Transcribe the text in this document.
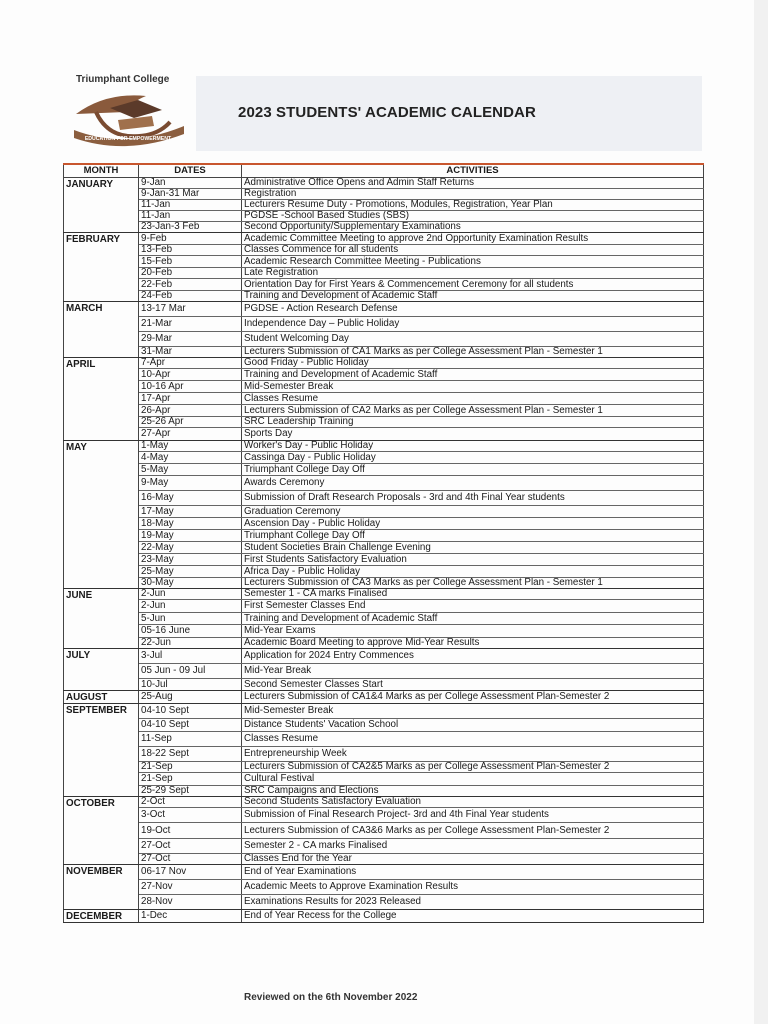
Triumphant College
EDUCATION FOR EMPOWERMENT
2023 STUDENTS' ACADEMIC CALENDAR
MONTH	DATES	ACTIVITIES
JANUARY	9-Jan	Administrative Office Opens and Admin Staff Returns
	9-Jan-31 Mar	Registration
	11-Jan	Lecturers Resume Duty - Promotions, Modules, Registration, Year Plan
	11-Jan	PGDSE -School Based Studies (SBS)
	23-Jan-3 Feb	Second Opportunity/Supplementary Examinations
FEBRUARY	9-Feb	Academic Committee Meeting to approve 2nd Opportunity Examination Results
	13-Feb	Classes Commence for all students
	15-Feb	Academic Research Committee Meeting - Publications
	20-Feb	Late Registration
	22-Feb	Orientation Day for First Years & Commencement Ceremony for all students
	24-Feb	Training and Development of Academic Staff
MARCH	13-17 Mar	PGDSE - Action Research Defense
	21-Mar	Independence Day – Public Holiday
	29-Mar	Student Welcoming Day
	31-Mar	Lecturers Submission of CA1 Marks as per College Assessment Plan - Semester 1
APRIL	7-Apr	Good Friday - Public Holiday
	10-Apr	Training and Development of Academic Staff
	10-16 Apr	Mid-Semester Break
	17-Apr	Classes Resume
	26-Apr	Lecturers Submission of CA2 Marks as per College Assessment Plan - Semester 1
	25-26 Apr	SRC Leadership Training
	27-Apr	Sports Day
MAY	1-May	Worker's Day - Public Holiday
	4-May	Cassinga Day - Public Holiday
	5-May	Triumphant College Day Off
	9-May	Awards Ceremony
	16-May	Submission of Draft Research Proposals - 3rd and 4th Final Year students
	17-May	Graduation Ceremony
	18-May	Ascension Day - Public Holiday
	19-May	Triumphant College Day Off
	22-May	Student Societies Brain Challenge Evening
	23-May	First Students Satisfactory Evaluation
	25-May	Africa Day - Public Holiday
	30-May	Lecturers Submission of CA3 Marks as per College Assessment Plan - Semester 1
JUNE	2-Jun	Semester 1 - CA marks Finalised
	2-Jun	First Semester Classes End
	5-Jun	Training and Development of Academic Staff
	05-16 June	Mid-Year Exams
	22-Jun	Academic Board Meeting to approve Mid-Year Results
JULY	3-Jul	Application for 2024 Entry Commences
	05 Jun - 09 Jul	Mid-Year Break
	10-Jul	Second Semester Classes Start
AUGUST	25-Aug	Lecturers Submission of CA1&4 Marks as per College Assessment Plan-Semester 2
SEPTEMBER	04-10 Sept	Mid-Semester Break
	04-10 Sept	Distance Students' Vacation School
	11-Sep	Classes Resume
	18-22 Sept	Entrepreneurship Week
	21-Sep	Lecturers Submission of CA2&5 Marks as per College Assessment Plan-Semester 2
	21-Sep	Cultural Festival
	25-29 Sept	SRC Campaigns and Elections
OCTOBER	2-Oct	Second Students Satisfactory Evaluation
	3-Oct	Submission of Final Research Project- 3rd and 4th Final Year students
	19-Oct	Lecturers Submission of CA3&6 Marks as per College Assessment Plan-Semester 2
	27-Oct	Semester 2 - CA marks Finalised
	27-Oct	Classes End for the Year
NOVEMBER	06-17 Nov	End of Year Examinations
	27-Nov	Academic Meets to Approve Examination Results
	28-Nov	Examinations Results for 2023 Released
DECEMBER	1-Dec	End of Year Recess for the College
Reviewed on the 6th November 2022
